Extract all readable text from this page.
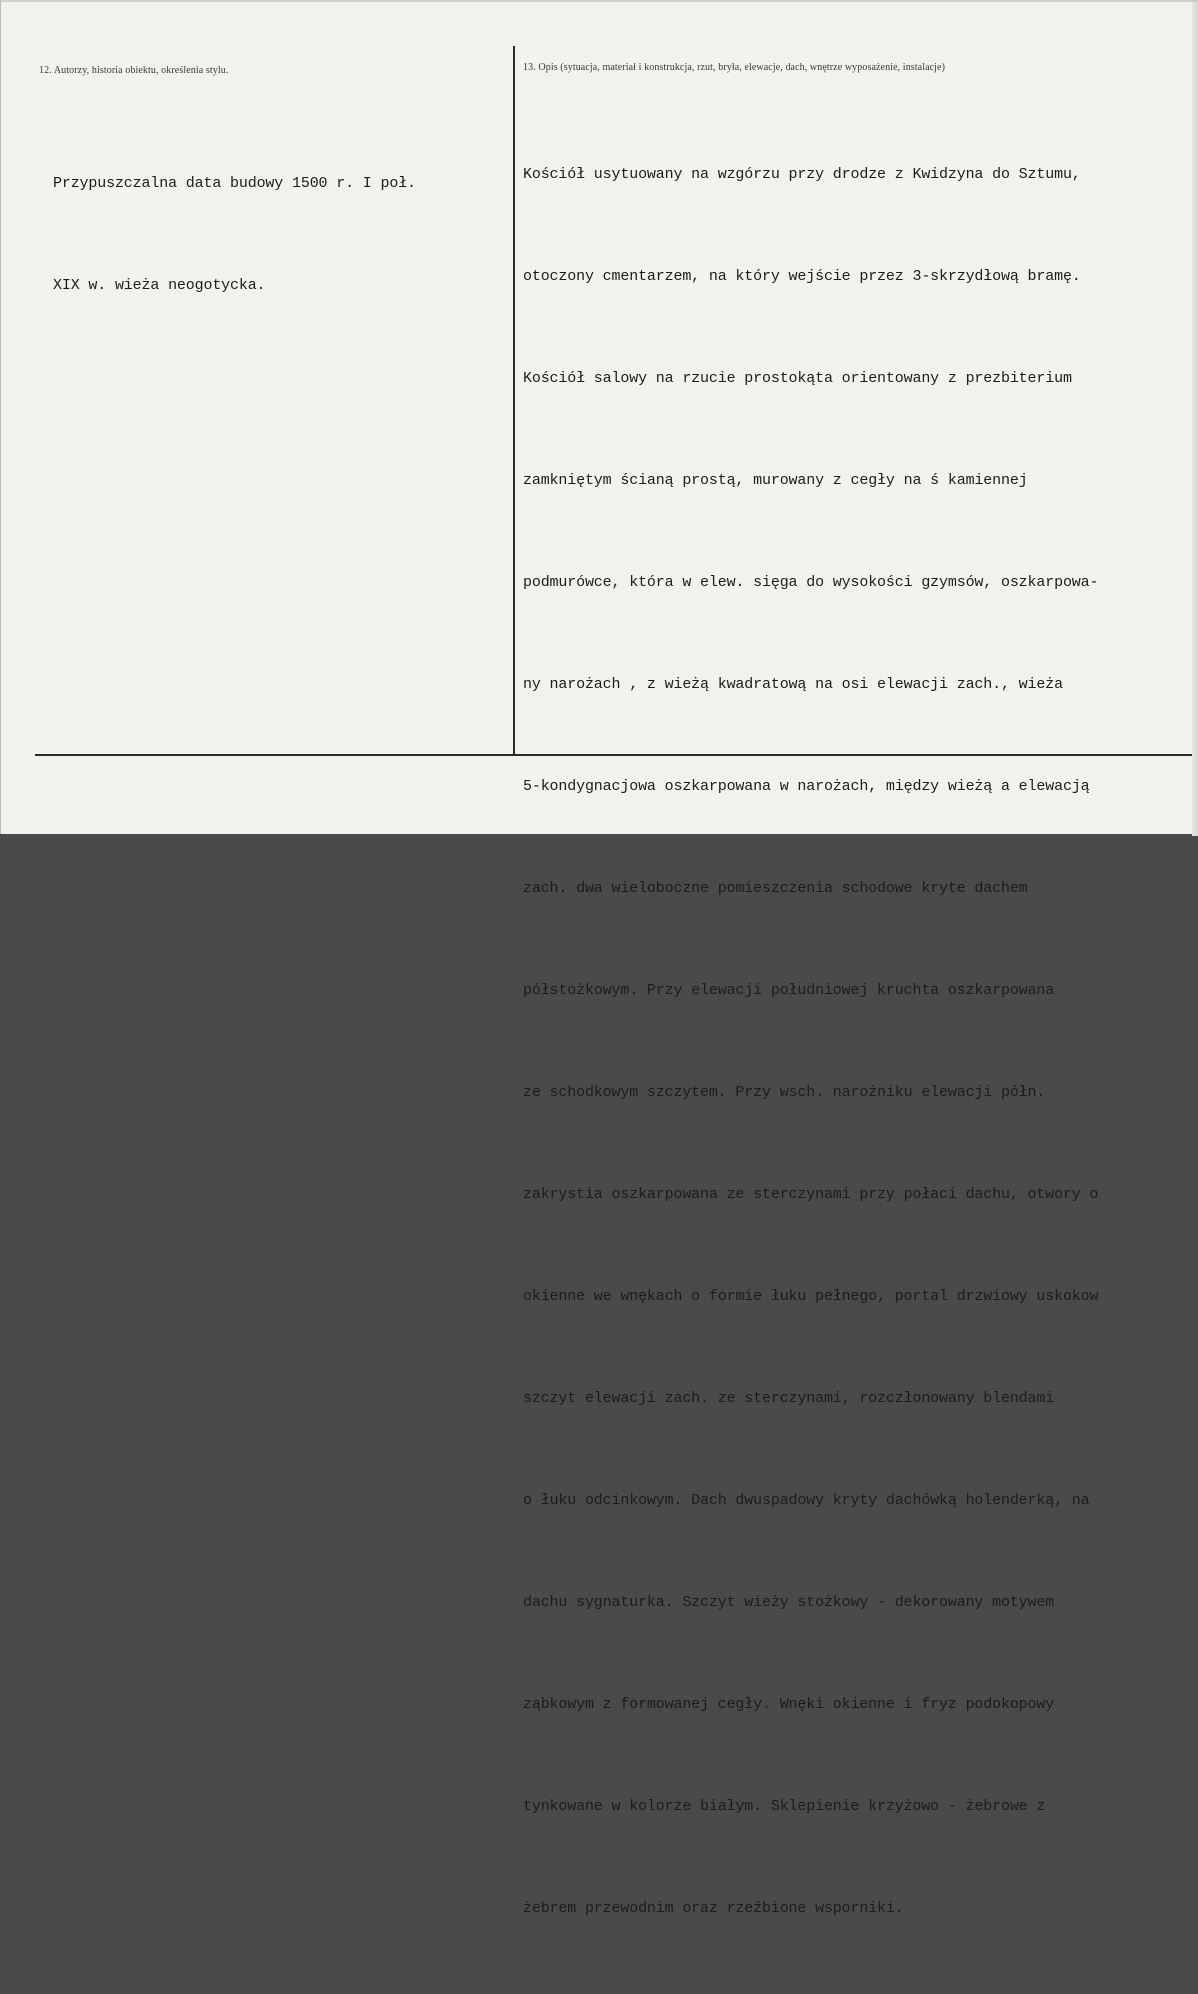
12. Autorzy, historia obiektu, określenia stylu.

Przypuszczalna data budowy 1500 r. I poł.

XIX w. wieża neogotycka.

13. Opis (sytuacja, materiał i konstrukcja, rzut, bryła, elewacje, dach, wnętrze wyposażenie, instalacje)

Kościół usytuowany na wzgórzu przy drodze z Kwidzyna do Sztumu,

otoczony cmentarzem, na który wejście przez 3-skrzydłową bramę.

Kościół salowy na rzucie prostokąta orientowany z prezbiterium

zamkniętym ścianą prostą, murowany z cegły na ś kamiennej

podmurówce, która w elew. sięga do wysokości gzymsów, oszkarpowa-

ny narożach , z wieżą kwadratową na osi elewacji zach., wieża

5-kondygnacjowa oszkarpowana w narożach, między wieżą a elewacją

zach. dwa wieloboczne pomieszczenia schodowe kryte dachem

półstożkowym. Przy elewacji południowej kruchta oszkarpowana

ze schodkowym szczytem. Przy wsch. narożniku elewacji półn.

zakrystia oszkarpowana ze sterczynami przy połaci dachu, otwory o

okienne we wnękach o formie łuku pełnego, portal drzwiowy uskokow

szczyt elewacji zach. ze sterczynami, rozczłonowany blendami

o łuku odcinkowym. Dach dwuspadowy kryty dachówką holenderką, na

dachu sygnaturka. Szczyt wieży stożkowy - dekorowany motywem

ząbkowym z formowanej cegły. Wnęki okienne i fryz podokopowy

tynkowane w kolorze białym. Sklepienie krzyżowo - żebrowe z

żebrem przewodnim oraz rzeźbione wsporniki.
